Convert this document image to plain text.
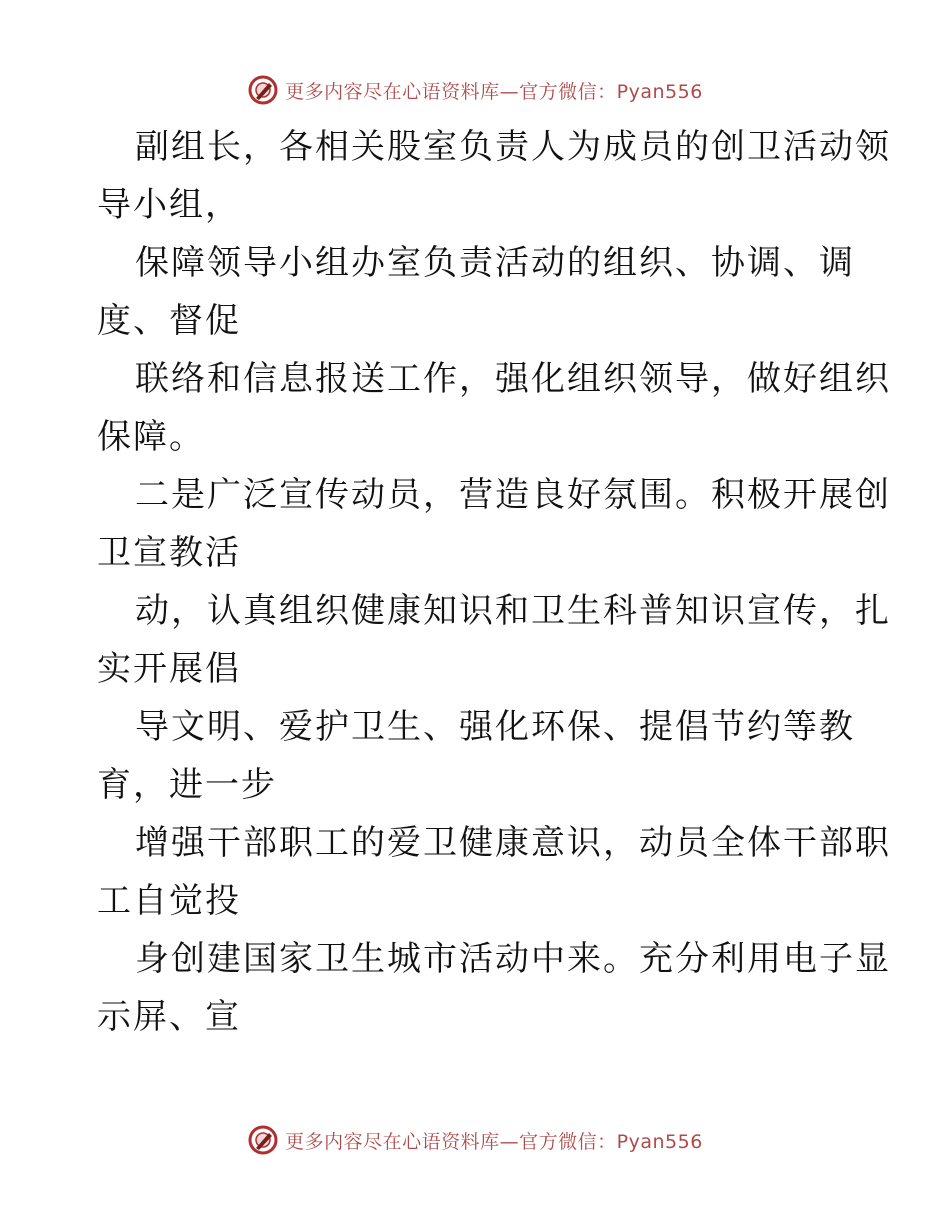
更多内容尽在心语资料库—官方微信：Pyan556
副组长，各相关股室负责人为成员的创卫活动领
导小组，
保障领导小组办室负责活动的组织、协调、调
度、督促
联络和信息报送工作，强化组织领导，做好组织
保障。
二是广泛宣传动员，营造良好氛围。积极开展创
卫宣教活
动，认真组织健康知识和卫生科普知识宣传，扎
实开展倡
导文明、爱护卫生、强化环保、提倡节约等教
育，进一步
增强干部职工的爱卫健康意识，动员全体干部职
工自觉投
身创建国家卫生城市活动中来。充分利用电子显
示屏、宣
更多内容尽在心语资料库—官方微信：Pyan556
